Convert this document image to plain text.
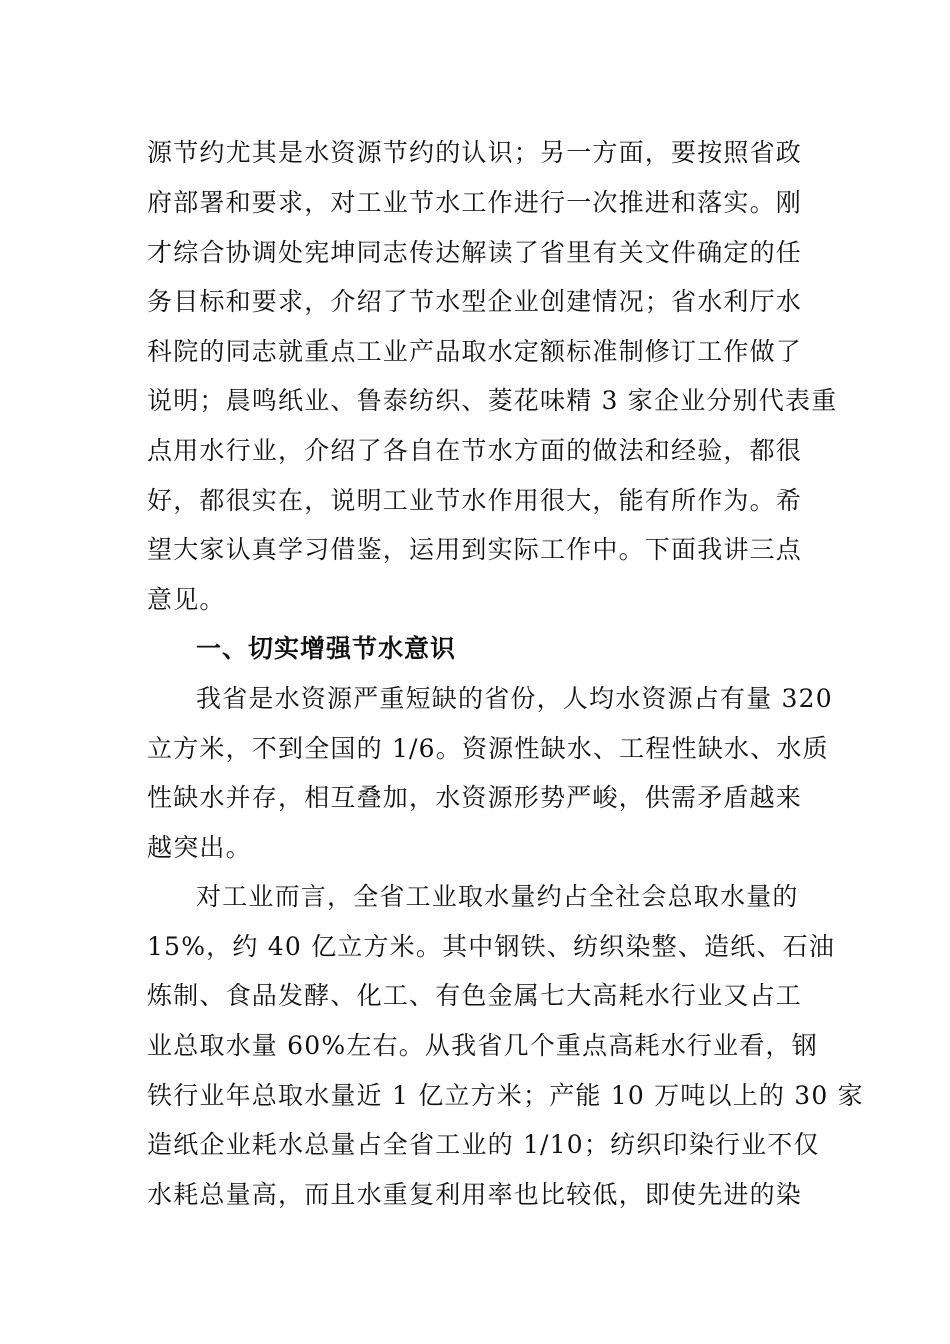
源节约尤其是水资源节约的认识；另一方面，要按照省政
府部署和要求，对工业节水工作进行一次推进和落实。刚
才综合协调处宪坤同志传达解读了省里有关文件确定的任
务目标和要求，介绍了节水型企业创建情况；省水利厅水
科院的同志就重点工业产品取水定额标准制修订工作做了
说明；晨鸣纸业、鲁泰纺织、菱花味精 3 家企业分别代表重
点用水行业，介绍了各自在节水方面的做法和经验，都很
好，都很实在，说明工业节水作用很大，能有所作为。希
望大家认真学习借鉴，运用到实际工作中。下面我讲三点
意见。
一、切实增强节水意识
我省是水资源严重短缺的省份，人均水资源占有量 320
立方米，不到全国的 1/6。资源性缺水、工程性缺水、水质
性缺水并存，相互叠加，水资源形势严峻，供需矛盾越来
越突出。
对工业而言，全省工业取水量约占全社会总取水量的
15%，约 40 亿立方米。其中钢铁、纺织染整、造纸、石油
炼制、食品发酵、化工、有色金属七大高耗水行业又占工
业总取水量 60%左右。从我省几个重点高耗水行业看，钢
铁行业年总取水量近 1 亿立方米；产能 10 万吨以上的 30 家
造纸企业耗水总量占全省工业的 1/10；纺织印染行业不仅
水耗总量高，而且水重复利用率也比较低，即使先进的染
